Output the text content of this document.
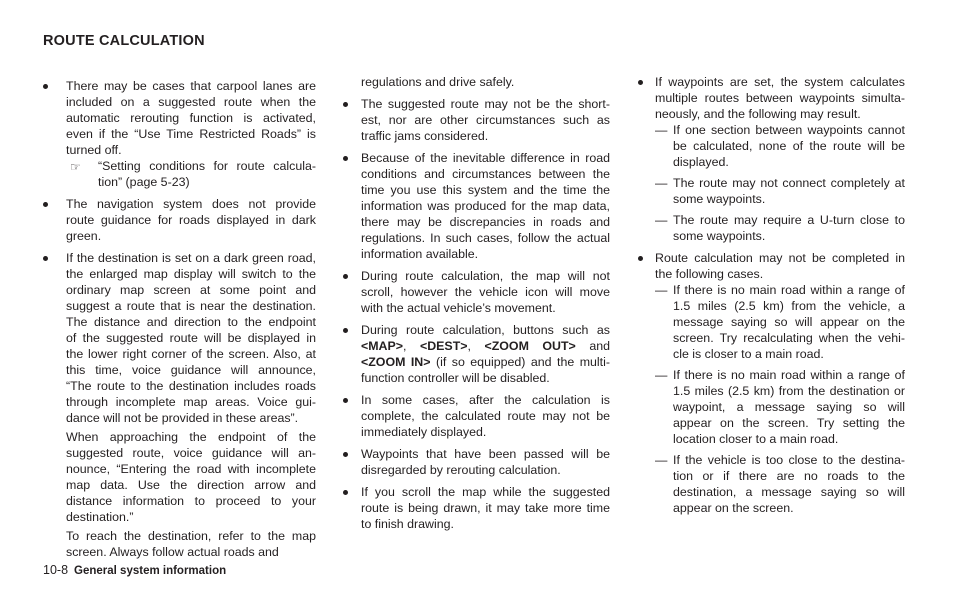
ROUTE CALCULATION
There may be cases that carpool lanes are
included on a suggested route when the
automatic rerouting function is activated,
even if the “Use Time Restricted Roads” is
turned off.
☞ “Setting conditions for route calcula-
tion” (page 5-23)
The navigation system does not provide
route guidance for roads displayed in dark
green.
If the destination is set on a dark green road,
the enlarged map display will switch to the
ordinary map screen at some point and
suggest a route that is near the destination.
The distance and direction to the endpoint
of the suggested route will be displayed in
the lower right corner of the screen. Also, at
this time, voice guidance will announce,
“The route to the destination includes roads
through incomplete map areas. Voice gui-
dance will not be provided in these areas”.
When approaching the endpoint of the
suggested route, voice guidance will an-
nounce, “Entering the road with incomplete
map data. Use the direction arrow and
distance information to proceed to your
destination.”
To reach the destination, refer to the map
screen. Always follow actual roads and
regulations and drive safely.
The suggested route may not be the short-
est, nor are other circumstances such as
traffic jams considered.
Because of the inevitable difference in road
conditions and circumstances between the
time you use this system and the time the
information was produced for the map data,
there may be discrepancies in roads and
regulations. In such cases, follow the actual
information available.
During route calculation, the map will not
scroll, however the vehicle icon will move
with the actual vehicle’s movement.
During route calculation, buttons such as
<MAP>, <DEST>, <ZOOM OUT> and
<ZOOM IN> (if so equipped) and the multi-
function controller will be disabled.
In some cases, after the calculation is
complete, the calculated route may not be
immediately displayed.
Waypoints that have been passed will be
disregarded by rerouting calculation.
If you scroll the map while the suggested
route is being drawn, it may take more time
to finish drawing.
If waypoints are set, the system calculates
multiple routes between waypoints simulta-
neously, and the following may result.
— If one section between waypoints cannot
be calculated, none of the route will be
displayed.
— The route may not connect completely at
some waypoints.
— The route may require a U-turn close to
some waypoints.
Route calculation may not be completed in
the following cases.
— If there is no main road within a range of
1.5 miles (2.5 km) from the vehicle, a
message saying so will appear on the
screen. Try recalculating when the vehi-
cle is closer to a main road.
— If there is no main road within a range of
1.5 miles (2.5 km) from the destination or
waypoint, a message saying so will
appear on the screen. Try setting the
location closer to a main road.
— If the vehicle is too close to the destina-
tion or if there are no roads to the
destination, a message saying so will
appear on the screen.
10-8 General system information
